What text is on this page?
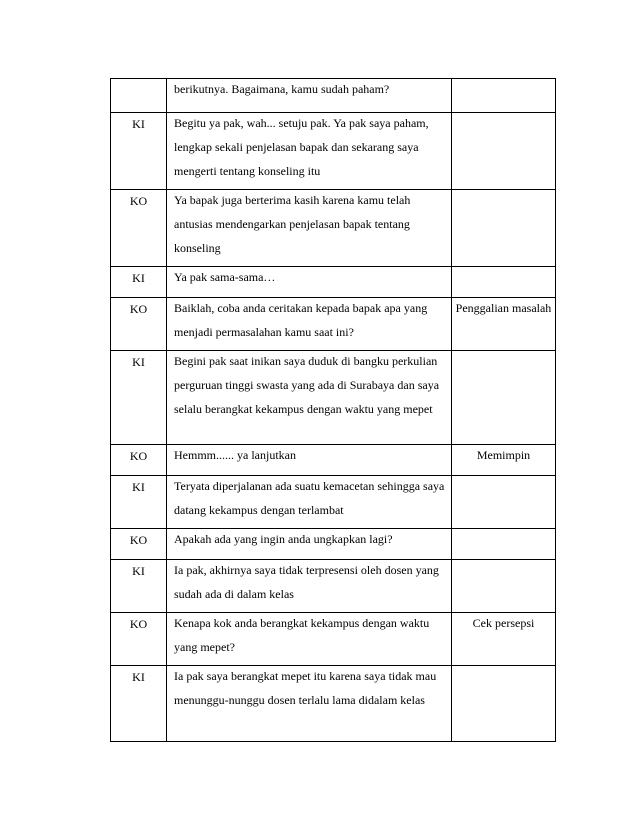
	berikutnya. Bagaimana, kamu sudah paham?	

KI	Begitu ya pak, wah... setuju pak. Ya pak saya paham, lengkap sekali penjelasan bapak dan sekarang saya mengerti tentang konseling itu	

KO	Ya bapak juga berterima kasih karena kamu telah antusias mendengarkan penjelasan bapak tentang konseling	

KI	Ya pak sama-sama…	

KO	Baiklah, coba anda ceritakan kepada bapak apa yang menjadi permasalahan kamu saat ini?	Penggalian masalah

KI	Begini pak saat inikan saya duduk di bangku perkulian perguruan tinggi swasta yang ada di Surabaya dan saya selalu berangkat kekampus dengan waktu yang mepet	

KO	Hemmm...... ya lanjutkan	Memimpin

KI	Teryata diperjalanan ada suatu kemacetan sehingga saya datang kekampus dengan terlambat	

KO	Apakah ada yang ingin anda ungkapkan lagi?	

KI	Ia pak, akhirnya saya tidak terpresensi oleh dosen yang sudah ada di dalam kelas	

KO	Kenapa kok anda berangkat kekampus dengan waktu yang mepet?	Cek persepsi

KI	Ia pak saya berangkat mepet itu karena saya tidak mau menunggu-nunggu dosen terlalu lama didalam kelas	
